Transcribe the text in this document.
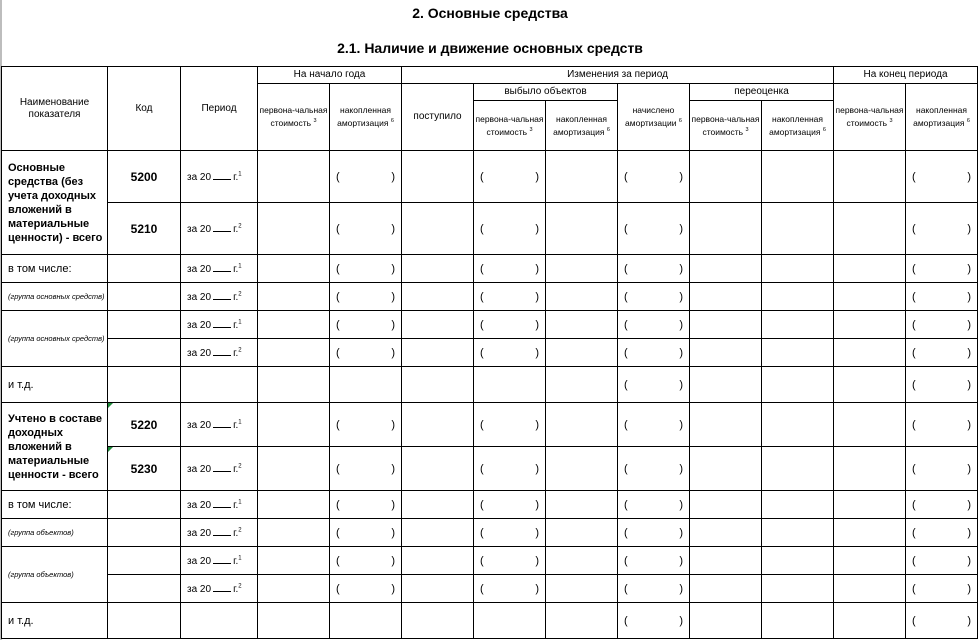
2. Основные средства
2.1. Наличие и движение основных средств
Наименование показателя	Код	Период	На начало года		Изменения за период						На конец периода	
			первона-чальная стоимость $^3$	накопленная амортизация $^6$	поступило	выбыло объектов		начислено амортизации $^6$	переоценка		первона-чальная стоимость $^3$	накопленная амортизация $^6$
						первона-чальная стоимость $^3$	накопленная амортизация $^6$		первона-чальная стоимость $^3$	накопленная амортизация $^6$

Основные средства (без учета доходных вложений в материальные ценности) - всего	5200	за 20 г.$^1$		( )		( )		( )				( )

	5210	за 20 г.$^2$		( )		( )		( )				( )

в том числе:		за 20 г.$^1$		( )		( )		( )				( )

(группа основных средств)		за 20 г.$^2$		( )		( )		( )				( )

(группа основных средств)		за 20 г.$^1$		( )		( )		( )				( )

		за 20 г.$^2$		( )		( )		( )				( )

и т.д.								( )				( )

Учтено в составе доходных вложений в материальные ценности - всего	5220	за 20 г.$^1$		( )		( )		( )				( )

	5230	за 20 г.$^2$		( )		( )		( )				( )

в том числе:		за 20 г.$^1$		( )		( )		( )				( )

(группа объектов)		за 20 г.$^2$		( )		( )		( )				( )

(группа объектов)		за 20 г.$^1$		( )		( )		( )				( )

		за 20 г.$^2$		( )		( )		( )				( )

и т.д.								( )				( )
